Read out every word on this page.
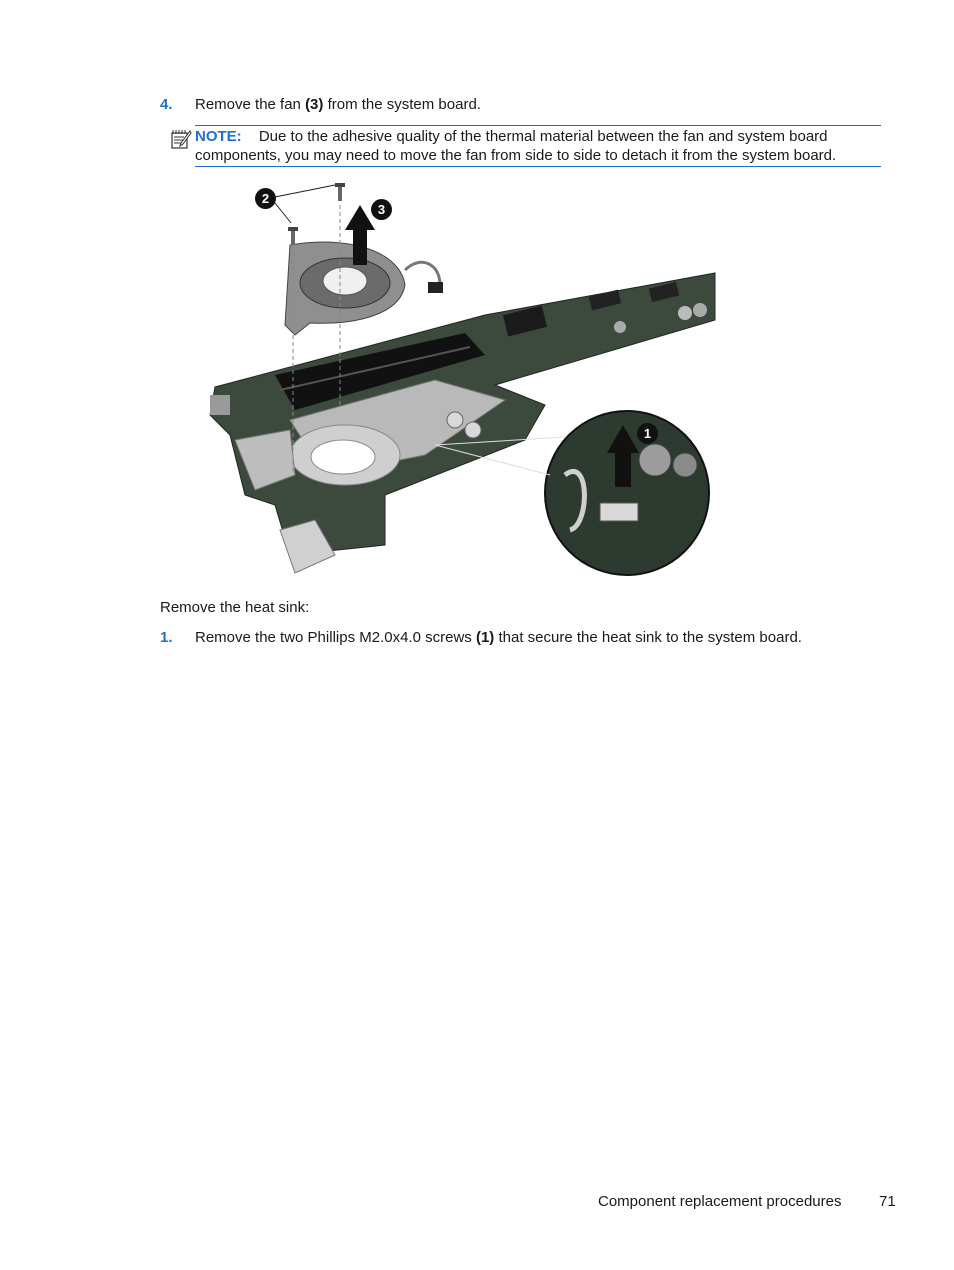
4. Remove the fan (3) from the system board.
NOTE: Due to the adhesive quality of the thermal material between the fan and system board
components, you may need to move the fan from side to side to detach it from the system board.
2
3
1
Remove the heat sink:
1. Remove the two Phillips M2.0x4.0 screws (1) that secure the heat sink to the system board.
Component replacement procedures	71
